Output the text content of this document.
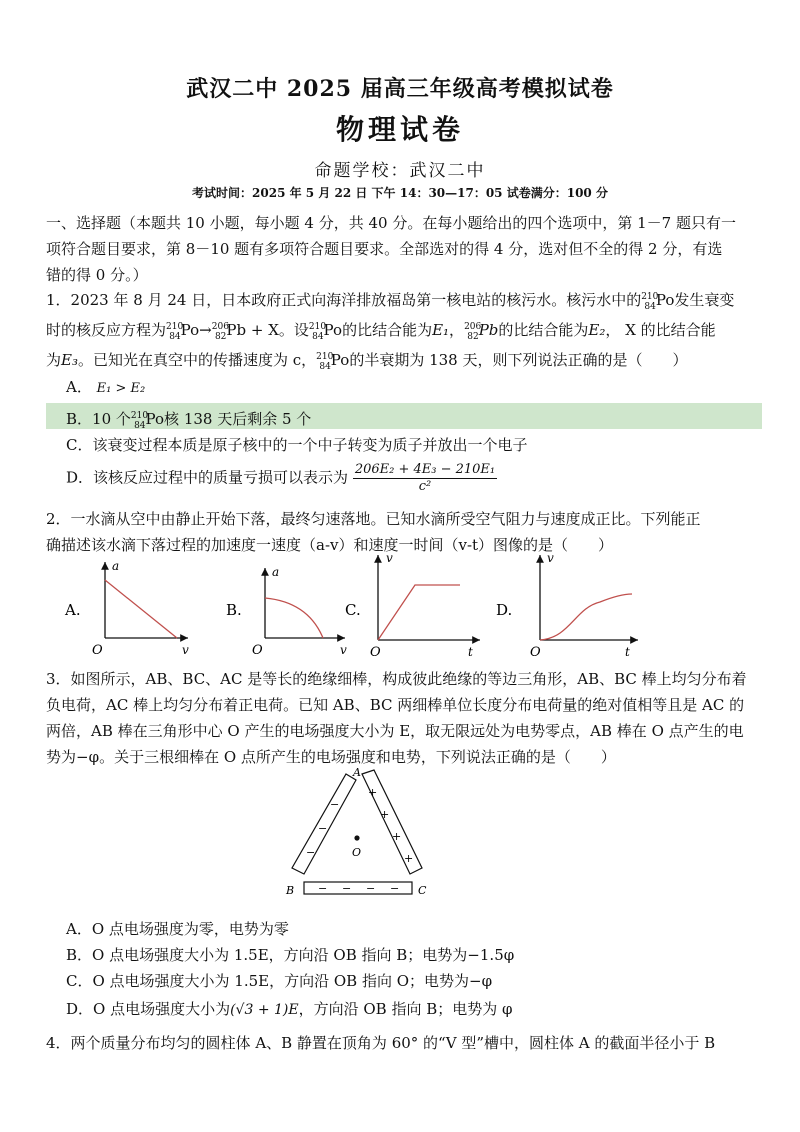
武汉二中 2025 届高三年级高考模拟试卷
物理试卷
命题学校：武汉二中
考试时间：2025 年 5 月 22 日 下午 14：30—17：05 试卷满分：100 分
一、选择题（本题共 10 小题，每小题 4 分，共 40 分。在每小题给出的四个选项中，第 1－7 题只有一
项符合题目要求，第 8－10 题有多项符合题目要求。全部选对的得 4 分，选对但不全的得 2 分，有选
错的得 0 分。）
1．2023 年 8 月 24 日，日本政府正式向海洋排放福岛第一核电站的核污水。核污水中的$^{210}_{84}$Po发生衰变
时的核反应方程为$^{210}_{84}$Po→$^{206}_{82}$Pb + X。设$^{210}_{84}$Po的比结合能为E₁，$^{206}_{82}$Pb的比结合能为E₂， X 的比结合能
为E₃。已知光在真空中的传播速度为 c，$^{210}_{84}$Po的半衰期为 138 天，则下列说法正确的是（　　）
A． E₁ > E₂
B．10 个$^{210}_{84}$Po核 138 天后剩余 5 个
C．该衰变过程本质是原子核中的一个中子转变为质子并放出一个电子
D．该核反应过程中的质量亏损可以表示为 $\frac{\text{206E₂ + 4E₃ − 210E₁}}{\text{c²}}$
2．一水滴从空中由静止开始下落，最终匀速落地。已知水滴所受空气阻力与速度成正比。下列能正
确描述该水滴下落过程的加速度一速度（a-v）和速度一时间（v-t）图像的是（　　）
A.
a
v
O
B.
a
v
O
C.
v
t
O
D.
v
t
O
3．如图所示，AB、BC、AC 是等长的绝缘细棒，构成彼此绝缘的等边三角形，AB、BC 棒上均匀分布着
负电荷，AC 棒上均匀分布着正电荷。已知 AB、BC 两细棒单位长度分布电荷量的绝对值相等且是 AC 的
两倍，AB 棒在三角形中心 O 产生的电场强度大小为 E，取无限远处为电势零点，AB 棒在 O 点产生的电
势为−φ。关于三根细棒在 O 点所产生的电场强度和电势，下列说法正确的是（　　）
A
B	C
O
−
−
−
+
+
+
+
− − − −
A．O 点电场强度为零，电势为零
B．O 点电场强度大小为 1.5E，方向沿 OB 指向 B；电势为−1.5φ
C．O 点电场强度大小为 1.5E，方向沿 OB 指向 O；电势为−φ
D．O 点电场强度大小为(√3 + 1)E，方向沿 OB 指向 B；电势为 φ
4．两个质量分布均匀的圆柱体 A、B 静置在顶角为 60° 的“V 型”槽中，圆柱体 A 的截面半径小于 B
